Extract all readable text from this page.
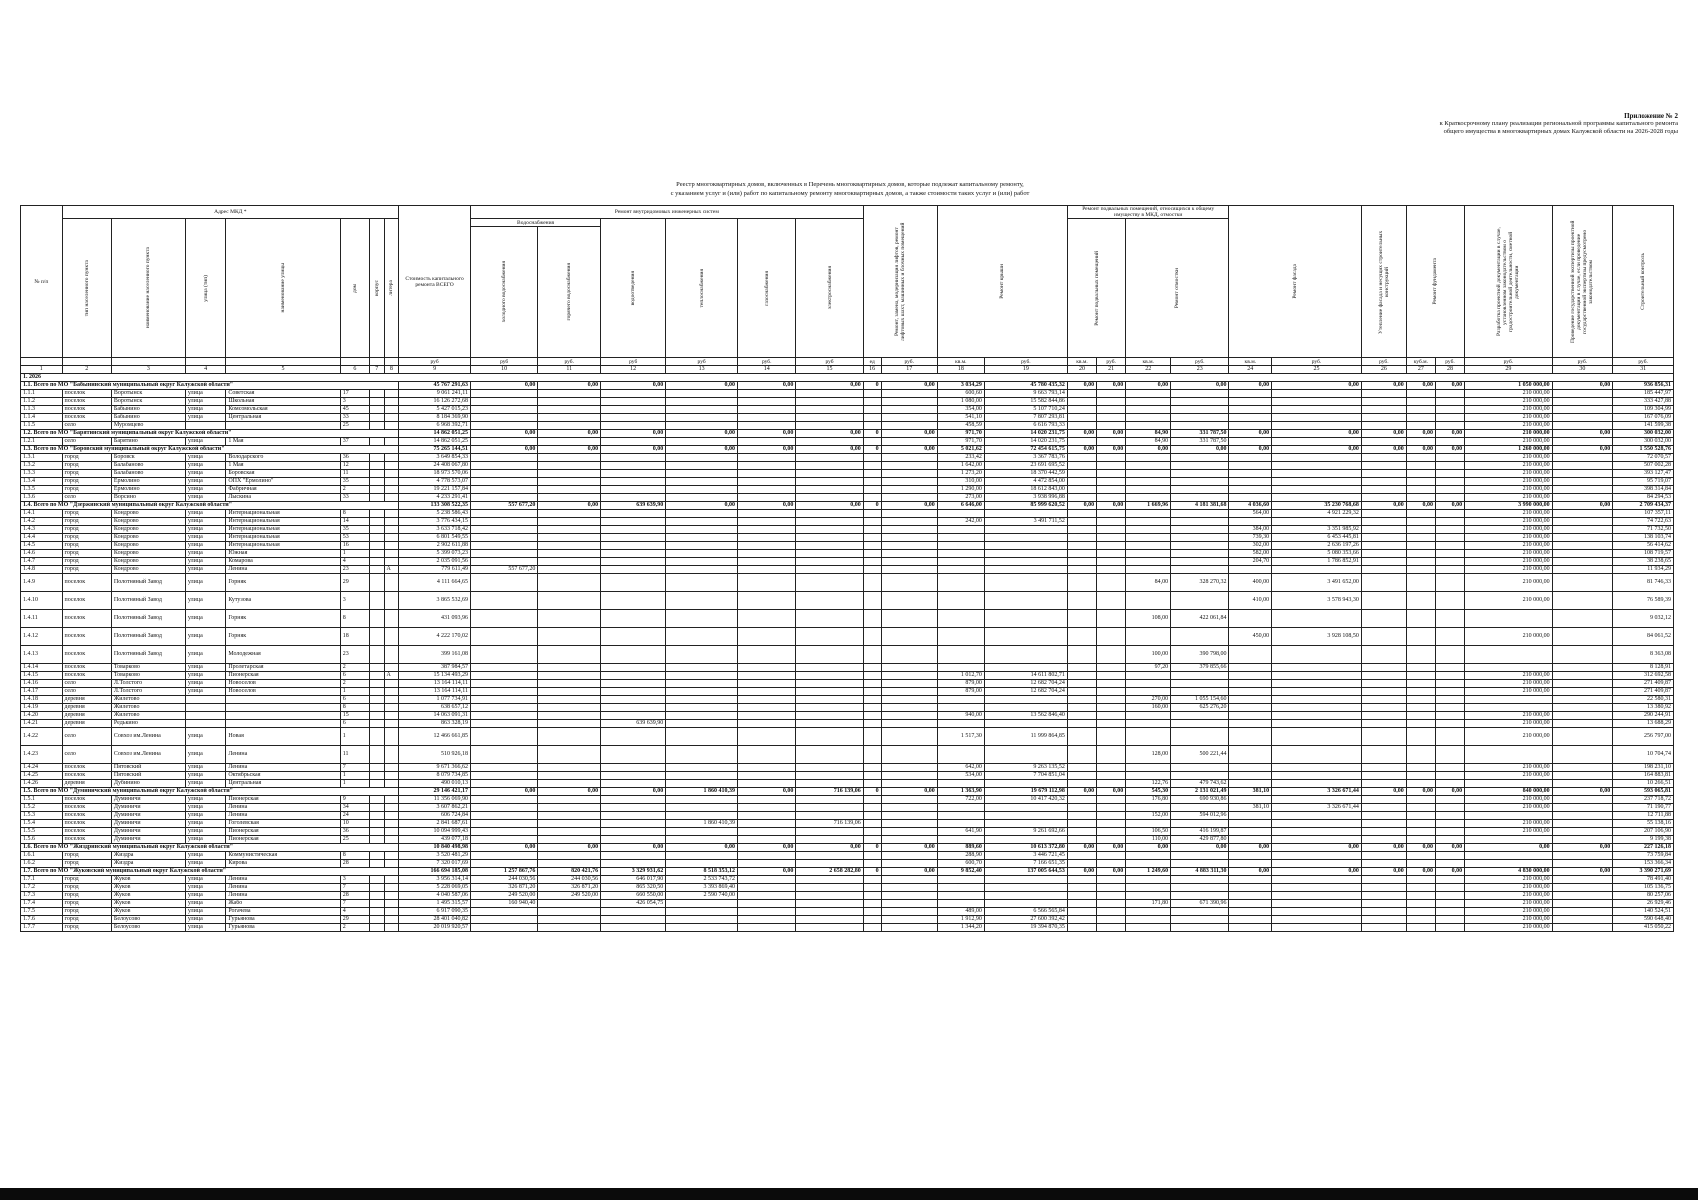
Приложение № 2
к Краткосрочному плану реализации региональной программы капитального ремонта
общего имущества в многоквартирных домах Калужской области на 2026-2028 годы
Реестр многоквартирных домов, включенных в Перечень многоквартирных домов, которые подлежат капитальному ремонту,
с указанием услуг и (или) работ по капитальному ремонту многоквартирных домов, а также стоимости таких услуг и (или) работ
№ п/п	Адрес МКД *							Стоимость капитального ремонта ВСЕГО	Ремонт внутридомовых инженерных систем						Ремонт, замена, модернизация лифтов, ремонт лифтовых шахт, машинных и блочных помещений		Ремонт крыши		Ремонт подвальных помещений, относящихся к общему имуществу в МКД, отмостки				Ремонт фасада		Утепление фасада и несущих строительных конструкций	Ремонт фундамента		Разработка проектной документации в случае, установленном законодательством о градостроительной деятельности, сметной документации	Проведение государственной экспертизы проектной документации в случае, если проведение государственной экспертизы предусмотрено законодательством	Строительный контроль

	тип населенного пункта	наименование населенного пункта	улица (тип)	наименование улицы	дом	корпус	литера		Водоснабжения		водоотведения	теплоснабжения	газоснабжения	электроснабжения					Ремонт подвальных помещений		Ремонт отмостки									

									холодного водоснабжения	горячего водоснабжения																				

								руб	руб	руб.	руб	руб	руб.	руб	ед	руб.	кв.м.	руб.	кв.м.	руб.	кв.м.	руб.	кв.м.	руб.	руб.	куб.м.	руб.	руб.	руб.	руб.
1	2	3	4	5	6	7	8	9	10	11	12	13	14	15	16	17	18	19	20	21	22	23	24	25	26	27	28	29	30	31
1. 2026																														
1.1. Всего по МО "Бабынинский муниципальный округ Калужской области"								45 767 291,63	0,00	0,00	0,00	0,00	0,00	0,00	0	0,00	3 034,29	45 780 435,32	0,00	0,00	0,00	0,00	0,00	0,00	0,00	0,00	0,00	1 050 000,00	0,00	936 856,31
1.1.1	поселок	Воротынск	улица	Советская	17			9 061 241,11									600,60	9 663 793,14										210 000,00		185 447,97
1.1.2	поселок	Воротынск	улица	Школьная	3			16 126 272,68									1 080,00	15 582 844,86										210 000,00		333 427,88
1.1.3	поселок	Бабынино	улица	Комсомольская	45			5 427 015,23									354,00	5 107 710,24										210 000,00		109 304,99
1.1.4	поселок	Бабынино	улица	Центральная	33			8 184 369,90									541,10	7 807 293,81										210 000,00		167 076,09
1.1.5	село	Муромцево			25			6 968 392,71									458,59	6 616 793,33										210 000,00		141 599,38
1.2. Всего по МО "Барятинский муниципальный округ Калужской области"								14 862 051,25	0,00	0,00	0,00	0,00	0,00	0,00	0	0,00	971,70	14 020 231,75	0,00	0,00	84,90	331 787,50	0,00	0,00	0,00	0,00	0,00	210 000,00	0,00	300 032,00
1.2.1	село	Барятино	улица	1 Мая	37			14 862 051,25									971,70	14 020 231,75			84,90	331 787,50						210 000,00		300 032,00
1.3. Всего по МО "Боровский муниципальный округ Калужской области"								75 265 144,51	0,00	0,00	0,00	0,00	0,00	0,00	0	0,00	5 021,62	72 454 615,75	0,00	0,00	0,00	0,00	0,00	0,00	0,00	0,00	0,00	1 260 000,00	0,00	1 550 528,76
1.3.1	город	Боровск	улица	Володарского	36			3 649 854,33									233,42	3 367 783,76										210 000,00		72 070,57
1.3.2	город	Балабаново	улица	1 Мая	12			24 408 067,80									1 642,00	23 691 695,52										210 000,00		507 002,28
1.3.3	город	Балабаново	улица	Боровская	11			18 973 570,06									1 273,20	18 370 442,59										210 000,00		393 127,47
1.3.4	город	Ермолино	улица	ОПХ "Ермолино"	35			4 778 573,07									310,00	4 472 854,00										210 000,00		95 719,07
1.3.5	город	Ермолино	улица	Фабричная	2			19 221 157,84									1 290,00	18 612 843,00										210 000,00		398 314,84
1.3.6	село	Ворсино	улица	Лыскина	33			4 233 291,41									273,00	3 938 996,88										210 000,00		84 294,53
1.4. Всего по МО "Дзержинский муниципальный округ Калужской области"								133 308 522,35	557 677,20	0,00	639 639,90	0,00	0,00	0,00	0	0,00	6 646,00	85 999 620,52	0,00	0,00	1 669,96	4 181 381,68	4 036,60	35 230 768,68	0,00	0,00	0,00	3 990 000,00	0,00	2 709 434,37
1.4.1	город	Кондрово	улица	Интернациональная	8			5 238 586,43															564,00	4 921 229,32				210 000,00		107 357,11
1.4.2	город	Кондрово	улица	Интернациональная	14			3 776 434,15									242,00	3 491 711,52										210 000,00		74 722,63
1.4.3	город	Кондрово	улица	Интернациональная	35			3 633 718,42															384,00	3 351 985,92				210 000,00		71 732,50
1.4.4	город	Кондрово	улица	Интернациональная	53			6 801 549,55															739,30	6 453 445,81				210 000,00		138 103,74
1.4.5	город	Кондрово	улица	Интернациональная	16			2 902 611,88															302,00	2 636 197,26				210 000,00		56 414,62
1.4.6	город	Кондрово	улица	Южная	1			5 399 073,23															582,00	5 080 353,66				210 000,00		108 719,57
1.4.7	город	Кондрово	улица	Комарова	4			2 035 091,56															204,70	1 786 852,91				210 000,00		38 238,65
1.4.8	город	Кондрово	улица	Ленина	23		А	779 611,49	557 677,20																			210 000,00		11 934,29
1.4.9	поселок	Полотняный Завод	улица	Горняк	29			4 111 664,65													84,00	328 270,32	400,00	3 491 652,00				210 000,00		81 746,33
1.4.10	поселок	Полотняный Завод	улица	Кутузова	3			3 865 532,69															410,00	3 578 943,30				210 000,00		76 589,39
1.4.11	поселок	Полотняный Завод	улица	Горняк	8			431 093,96													108,00	422 061,84								9 032,12
1.4.12	поселок	Полотняный Завод	улица	Горняк	18			4 222 170,02															450,00	3 928 108,50				210 000,00		84 061,52
1.4.13	поселок	Полотняный Завод	улица	Молодежная	23			399 161,08													100,00	390 798,00								8 363,08
1.4.14	поселок	Товарково	улица	Пролетарская	2			387 984,57													97,20	379 855,66								8 128,91
1.4.15	поселок	Товарково	улица	Пионерская	6		А	15 134 493,29									1 012,70	14 611 802,71										210 000,00		312 692,58
1.4.16	село	Л.Толстого	улица	Новоселов	2			13 164 114,11									879,00	12 682 704,24										210 000,00		271 409,87
1.4.17	село	Л.Толстого	улица	Новоселов	1			13 164 114,11									879,00	12 682 704,24										210 000,00		271 409,87
1.4.18	деревня	Жилетово			6			1 077 734,91													270,00	1 055 154,60								22 580,31
1.4.19	деревня	Жилетово			8			638 657,12													160,00	625 276,20								13 380,92
1.4.20	деревня	Жилетово			15			14 063 091,31									940,00	13 562 846,40										210 000,00		290 244,91
1.4.21	деревня	Редькино			6			863 328,19			639 639,90																	210 000,00		13 688,29
1.4.22	село	Совхоз им.Ленина	улица	Новая	1			12 466 661,85									1 517,30	11 999 864,85										210 000,00		256 797,00
1.4.23	село	Совхоз им.Ленина	улица	Ленина	11			510 926,18													128,00	500 221,44								10 704,74
1.4.24	поселок	Пятовский	улица	Ленина	7			9 671 366,62									642,00	9 263 135,52										210 000,00		198 231,10
1.4.25	поселок	Пятовский	улица	Октябрьская	1			8 079 734,85									534,00	7 704 851,04										210 000,00		164 883,81
1.4.26	деревня	Дубинино	улица	Центральная	1			490 010,13													122,76	479 743,62								10 266,51
1.5. Всего по МО "Думиничский муниципальный округ Калужской области"								29 146 421,17	0,00	0,00	0,00	1 860 410,39	0,00	716 139,06	0	0,00	1 363,90	19 679 112,98	0,00	0,00	545,30	2 131 021,49	381,10	3 326 671,44	0,00	0,00	0,00	840 000,00	0,00	593 065,81
1.5.1	поселок	Думиничи	улица	Пионерская	9			11 356 069,90									722,00	10 417 420,32			176,80	690 930,86						210 000,00		237 718,72
1.5.2	поселок	Думиничи	улица	Ленина	34			3 607 862,21															381,10	3 326 671,44				210 000,00		71 190,77
1.5.3	поселок	Думиничи	улица	Ленина	24			606 724,84													152,00	594 012,96								12 711,88
1.5.4	поселок	Думиничи	улица	Гоголевская	10			2 841 687,61				1 860 410,39		716 139,06														210 000,00		55 138,16
1.5.5	поселок	Думиничи	улица	Пионерская	36			10 094 999,43									641,90	9 261 692,66			106,50	416 199,87						210 000,00		207 106,90
1.5.6	поселок	Думиничи	улица	Пионерская	25			439 077,18													110,00	429 877,80								9 199,38
1.6. Всего по МО "Жиздринский муниципальный округ Калужской области"								10 840 498,98	0,00	0,00	0,00	0,00	0,00	0,00	0	0,00	889,60	10 613 372,80	0,00	0,00	0,00	0,00	0,00	0,00	0,00	0,00	0,00	0,00	0,00	227 126,18
1.6.1	город	Жиздра	улица	Коммунистическая	8			3 520 481,29									288,90	3 446 721,45												73 759,84
1.6.2	город	Жиздра	улица	Кирова	28			7 320 017,69									600,70	7 166 651,35												153 366,34
1.7. Всего по МО "Жуковский муниципальный округ Калужской области"								166 694 185,08	1 257 867,76	820 421,76	3 329 931,62	8 518 353,12	0,00	2 658 282,80	0	0,00	9 852,40	137 005 644,53	0,00	0,00	1 249,60	4 883 311,30	0,00	0,00	0,00	0,00	0,00	4 830 000,00	0,00	3 390 271,69
1.7.1	город	Жуков	улица	Ленина	3			3 956 314,14	244 030,56	244 030,56	646 017,90	2 533 743,72																210 000,00		78 491,40
1.7.2	город	Жуков	улица	Ленина	7			5 228 069,05	326 871,20	326 871,20	865 320,50	3 393 869,40																210 000,00		105 136,75
1.7.3	город	Жуков	улица	Ленина	28			4 040 587,06	249 520,00	249 520,00	660 550,00	2 590 740,00																210 000,00		80 257,06
1.7.4	город	Жуков	улица	Жабо	7			1 495 315,57	160 940,40		426 054,75										171,80	671 390,96						210 000,00		26 929,46
1.7.5	город	Жуков	улица	Рогачева	4			6 917 090,35									489,00	6 566 565,84										210 000,00		140 524,51
1.7.6	город	Белоусово	улица	Гурьянова	29			28 401 040,82									1 912,90	27 600 392,42										210 000,00		590 648,40
1.7.7	город	Белоусово	улица	Гурьянова	2			20 019 920,57									1 344,20	19 394 870,35										210 000,00		415 050,22
